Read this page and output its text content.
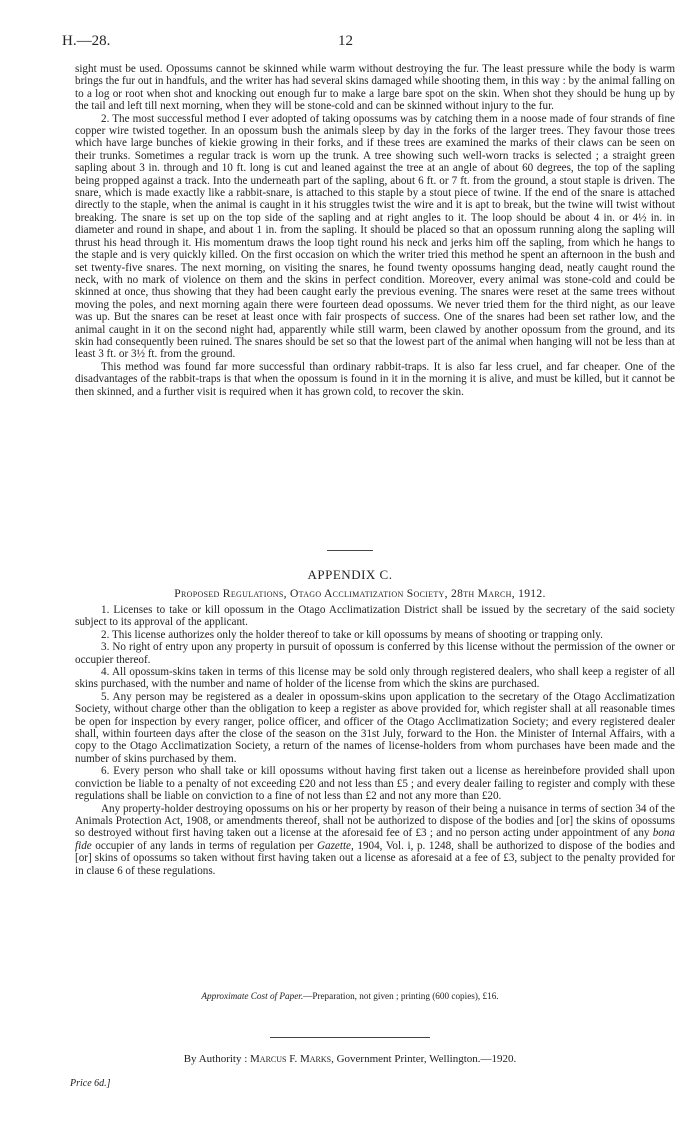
H.—28.	12

sight must be used. Opossums cannot be skinned while warm without destroying the fur. The least pressure while the body is warm brings the fur out in handfuls, and the writer has had several skins damaged while shooting them, in this way : by the animal falling on to a log or root when shot and knocking out enough fur to make a large bare spot on the skin. When shot they should be hung up by the tail and left till next morning, when they will be stone-cold and can be skinned without injury to the fur.

2. The most successful method I ever adopted of taking opossums was by catching them in a noose made of four strands of fine copper wire twisted together. In an opossum bush the animals sleep by day in the forks of the larger trees. They favour those trees which have large bunches of kiekie growing in their forks, and if these trees are examined the marks of their claws can be seen on their trunks. Sometimes a regular track is worn up the trunk. A tree showing such well-worn tracks is selected ; a straight green sapling about 3 in. through and 10 ft. long is cut and leaned against the tree at an angle of about 60 degrees, the top of the sapling being propped against a track. Into the underneath part of the sapling, about 6 ft. or 7 ft. from the ground, a stout staple is driven. The snare, which is made exactly like a rabbit-snare, is attached to this staple by a stout piece of twine. If the end of the snare is attached directly to the staple, when the animal is caught in it his struggles twist the wire and it is apt to break, but the twine will twist without breaking. The snare is set up on the top side of the sapling and at right angles to it. The loop should be about 4 in. or 4½ in. in diameter and round in shape, and about 1 in. from the sapling. It should be placed so that an opossum running along the sapling will thrust his head through it. His momentum draws the loop tight round his neck and jerks him off the sapling, from which he hangs to the staple and is very quickly killed. On the first occasion on which the writer tried this method he spent an afternoon in the bush and set twenty-five snares. The next morning, on visiting the snares, he found twenty opossums hanging dead, neatly caught round the neck, with no mark of violence on them and the skins in perfect condition. Moreover, every animal was stone-cold and could be skinned at once, thus showing that they had been caught early the previous evening. The snares were reset at the same trees without moving the poles, and next morning again there were fourteen dead opossums. We never tried them for the third night, as our leave was up. But the snares can be reset at least once with fair prospects of success. One of the snares had been set rather low, and the animal caught in it on the second night had, apparently while still warm, been clawed by another opossum from the ground, and its skin had consequently been ruined. The snares should be set so that the lowest part of the animal when hanging will not be less than at least 3 ft. or 3½ ft. from the ground.

This method was found far more successful than ordinary rabbit-traps. It is also far less cruel, and far cheaper. One of the disadvantages of the rabbit-traps is that when the opossum is found in it in the morning it is alive, and must be killed, but it cannot be then skinned, and a further visit is required when it has grown cold, to recover the skin.

APPENDIX C.
Proposed Regulations, Otago Acclimatization Society, 28th March, 1912.

1. Licenses to take or kill opossum in the Otago Acclimatization District shall be issued by the secretary of the said society subject to its approval of the applicant.

2. This license authorizes only the holder thereof to take or kill opossums by means of shooting or trapping only.

3. No right of entry upon any property in pursuit of opossum is conferred by this license without the permission of the owner or occupier thereof.

4. All opossum-skins taken in terms of this license may be sold only through registered dealers, who shall keep a register of all skins purchased, with the number and name of holder of the license from which the skins are purchased.

5. Any person may be registered as a dealer in opossum-skins upon application to the secretary of the Otago Acclimatization Society, without charge other than the obligation to keep a register as above provided for, which register shall at all reasonable times be open for inspection by every ranger, police officer, and officer of the Otago Acclimatization Society; and every registered dealer shall, within fourteen days after the close of the season on the 31st July, forward to the Hon. the Minister of Internal Affairs, with a copy to the Otago Acclimatization Society, a return of the names of license-holders from whom purchases have been made and the number of skins purchased by them.

6. Every person who shall take or kill opossums without having first taken out a license as hereinbefore provided shall upon conviction be liable to a penalty of not exceeding £20 and not less than £5 ; and every dealer failing to register and comply with these regulations shall be liable on conviction to a fine of not less than £2 and not any more than £20.

Any property-holder destroying opossums on his or her property by reason of their being a nuisance in terms of section 34 of the Animals Protection Act, 1908, or amendments thereof, shall not be authorized to dispose of the bodies and [or] the skins of opossums so destroyed without first having taken out a license at the aforesaid fee of £3 ; and no person acting under appointment of any bona fide occupier of any lands in terms of regulation per Gazette, 1904, Vol. i, p. 1248, shall be authorized to dispose of the bodies and [or] skins of opossums so taken without first having taken out a license as aforesaid at a fee of £3, subject to the penalty provided for in clause 6 of these regulations.

Approximate Cost of Paper.—Preparation, not given ; printing (600 copies), £16.
By Authority : Marcus F. Marks, Government Printer, Wellington.—1920.
Price 6d.]
